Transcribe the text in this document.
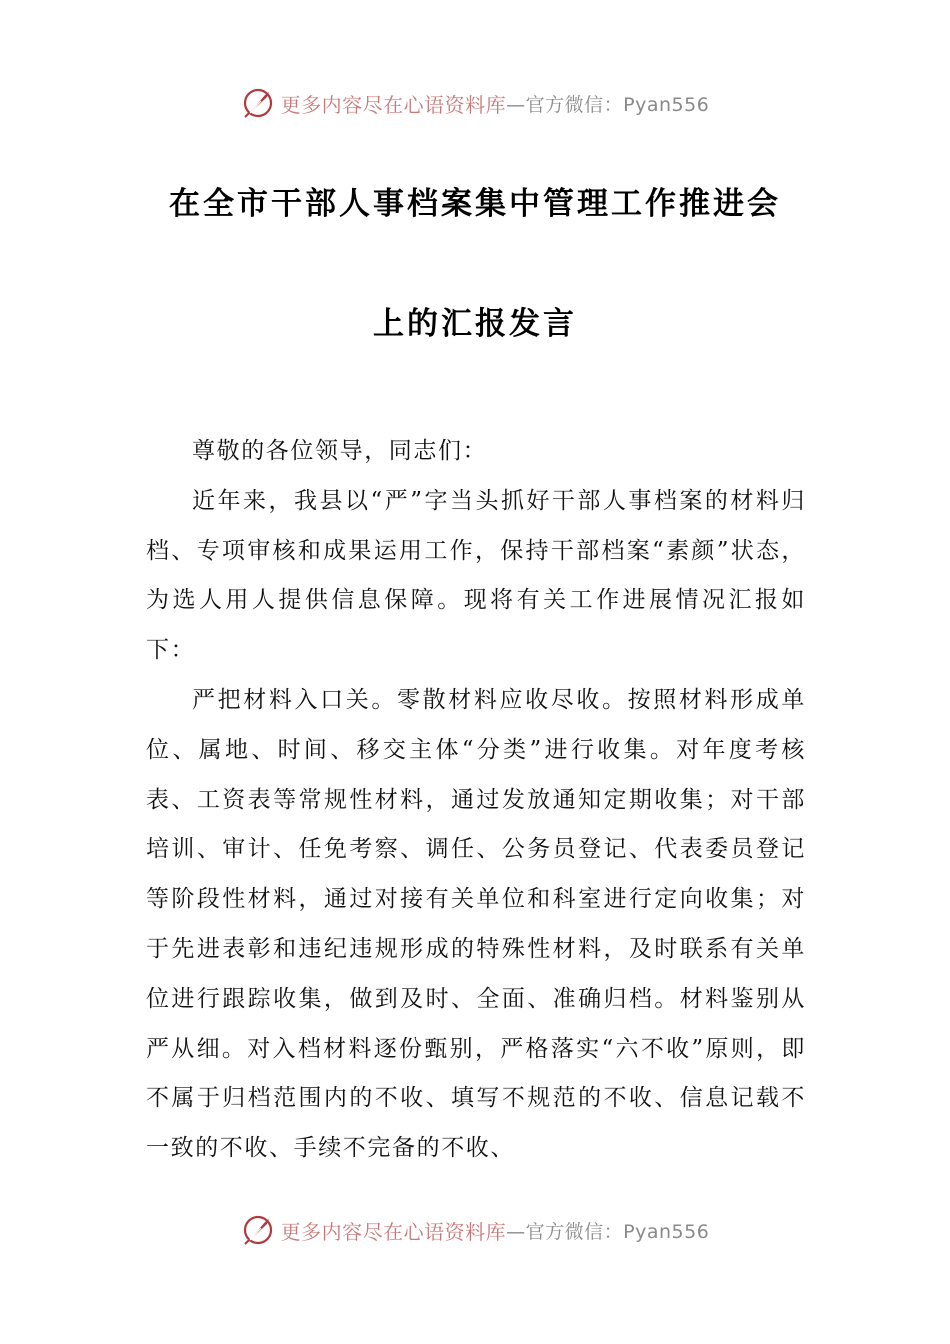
更多内容尽在心语资料库 —官方微信：Pyan556
在全市干部人事档案集中管理工作推进会
上的汇报发言

尊敬的各位领导，同志们：

近年来，我县以“严”字当头抓好干部人事档案的材料归档、专项审核和成果运用工作，保持干部档案“素颜”状态，为选人用人提供信息保障。现将有关工作进展情况汇报如下：

严把材料入口关。零散材料应收尽收。按照材料形成单位、属地、时间、移交主体“分类”进行收集。对年度考核表、工资表等常规性材料，通过发放通知定期收集；对干部培训、审计、任免考察、调任、公务员登记、代表委员登记等阶段性材料，通过对接有关单位和科室进行定向收集；对于先进表彰和违纪违规形成的特殊性材料，及时联系有关单位进行跟踪收集，做到及时、全面、准确归档。材料鉴别从严从细。对入档材料逐份甄别，严格落实“六不收”原则，即不属于归档范围内的不收、填写不规范的不收、信息记载不一致的不收、手续不完备的不收、

更多内容尽在心语资料库 —官方微信：Pyan556
